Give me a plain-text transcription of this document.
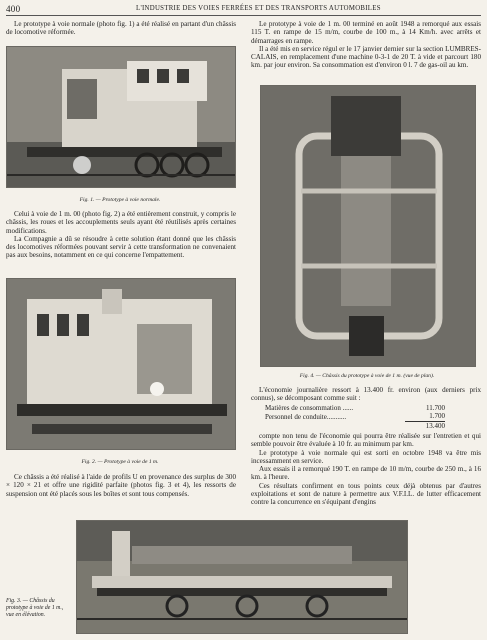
400	L'INDUSTRIE DES VOIES FERRÉES ET DES TRANSPORTS AUTOMOBILES

Le prototype à voie normale (photo fig. 1) a été réalisé en partant d'un châssis de locomotive réformée.

Fig. 1. — Prototype à voie normale.

Celui à voie de 1 m. 00 (photo fig. 2) a été entièrement construit, y compris le châssis, les roues et les accouplements seuls ayant été réutilisés après certaines modifications.

La Compagnie a dû se résoudre à cette solution étant donné que les châssis des locomotives réformées pouvant servir à cette transformation ne convenaient pas aux besoins, notamment en ce qui concerne l'empattement.

Fig. 2. — Prototype à voie de 1 m.

Ce châssis a été réalisé à l'aide de profils U en provenance des surplus de 300 × 120 × 21 et offre une rigidité parfaite (photos fig. 3 et 4), les ressorts de suspension ont été placés sous les boîtes et sont tous compensés.

Le prototype à voie de 1 m. 00 terminé en août 1948 a remorqué aux essais 115 T. en rampe de 15 m/m, courbe de 100 m., à 14 Km/h. avec arrêts et démarrages en rampe.

Il a été mis en service régul er le 17 janvier dernier sur la section LUMBRES-CALAIS, en remplacement d'une machine 0-3-1 de 20 T. à vide et parcourt 180 km. par jour environ. Sa consommation est d'environ 0 l. 7 de gas-oil au km.

Fig. 4. — Châssis du prototype à voie de 1 m. (vue de plan).

L'économie journalière ressort à 13.400 fr. environ (aux derniers prix connus), se décomposant comme suit :

Matières de consommation ......	11.700
Personnel de conduite...........	1.700
	13.400

compte non tenu de l'économie qui pourra être réalisée sur l'entretien et qui semble pouvoir être évaluée à 10 fr. au minimum par km.

Le prototype à voie normale qui est sorti en octobre 1948 va être mis incessamment en service.

Aux essais il a remorqué 190 T. en rampe de 10 m/m, courbe de 250 m., à 16 km. à l'heure.

Ces résultats confirment en tous points ceux déjà obtenus par d'autres exploitations et sont de nature à permettre aux V.F.I.L. de lutter efficacement contre la concurrence en s'équipant d'engins

Fig. 3. — Châssis du prototype à voie de 1 m., vue en élévation.
